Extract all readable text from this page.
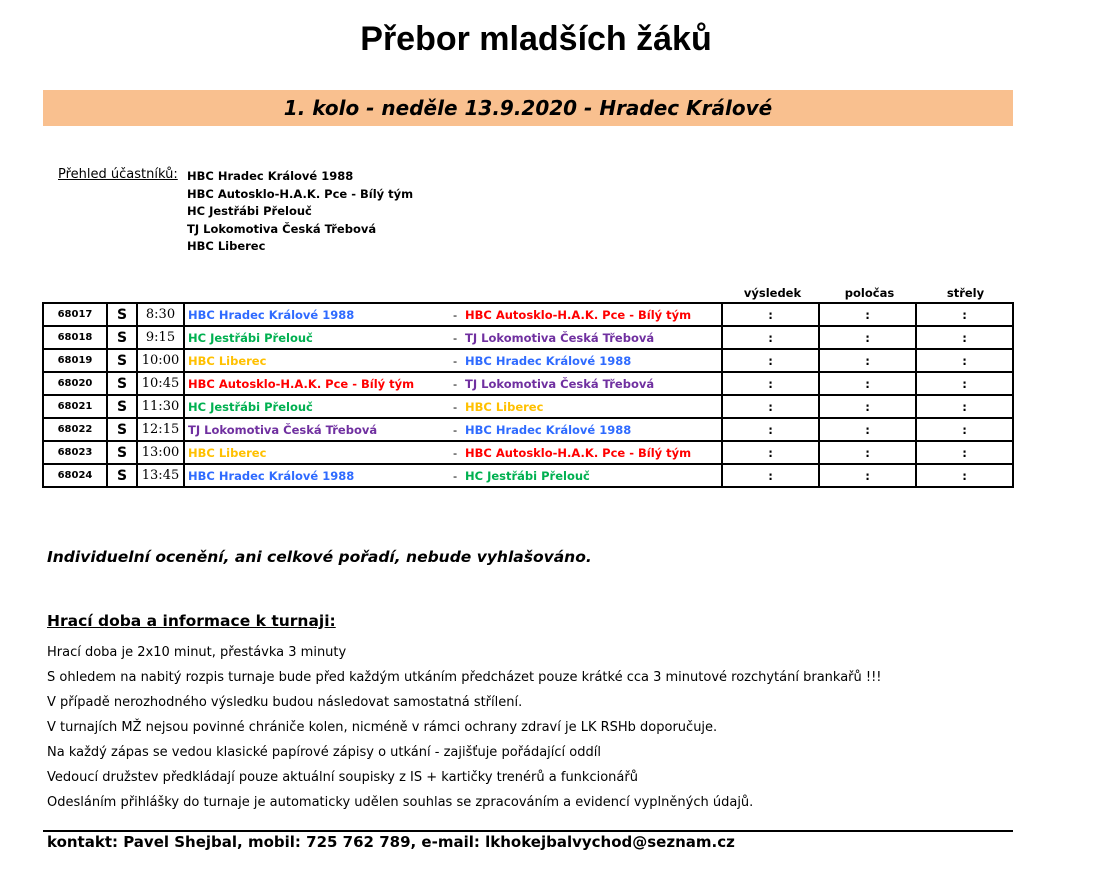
Přebor mladších žáků
1. kolo - neděle 13.9.2020 - Hradec Králové
Přehled účastníků: HBC Hradec Králové 1988
HBC Autosklo-H.A.K. Pce - Bílý tým
HC Jestřábi Přelouč
TJ Lokomotiva Česká Třebová
HBC Liberec
výsledek	poločas	střely
68017	S	8:30	HBC Hradec Králové 1988 - HBC Autosklo-H.A.K. Pce - Bílý tým	:	:	:
68018	S	9:15	HC Jestřábi Přelouč - TJ Lokomotiva Česká Třebová	:	:	:
68019	S	10:00	HBC Liberec - HBC Hradec Králové 1988	:	:	:
68020	S	10:45	HBC Autosklo-H.A.K. Pce - Bílý tým - TJ Lokomotiva Česká Třebová	:	:	:
68021	S	11:30	HC Jestřábi Přelouč - HBC Liberec	:	:	:
68022	S	12:15	TJ Lokomotiva Česká Třebová - HBC Hradec Králové 1988	:	:	:
68023	S	13:00	HBC Liberec - HBC Autosklo-H.A.K. Pce - Bílý tým	:	:	:
68024	S	13:45	HBC Hradec Králové 1988 - HC Jestřábi Přelouč	:	:	:
Individuelní ocenění, ani celkové pořadí, nebude vyhlašováno.
Hrací doba a informace k turnaji:
Hrací doba je 2x10 minut, přestávka 3 minuty
S ohledem na nabitý rozpis turnaje bude před každým utkáním předcházet pouze krátké cca 3 minutové rozchytání brankařů !!!
V případě nerozhodného výsledku budou následovat samostatná střílení.
V turnajích MŽ nejsou povinné chrániče kolen, nicméně v rámci ochrany zdraví je LK RSHb doporučuje.
Na každý zápas se vedou klasické papírové zápisy o utkání - zajišťuje pořádající oddíl
Vedoucí družstev předkládají pouze aktuální soupisky z IS + kartičky trenérů a funkcionářů
Odesláním přihlášky do turnaje je automaticky udělen souhlas se zpracováním a evidencí vyplněných údajů.
kontakt: Pavel Shejbal, mobil: 725 762 789, e-mail: lkhokejbalvychod@seznam.cz
